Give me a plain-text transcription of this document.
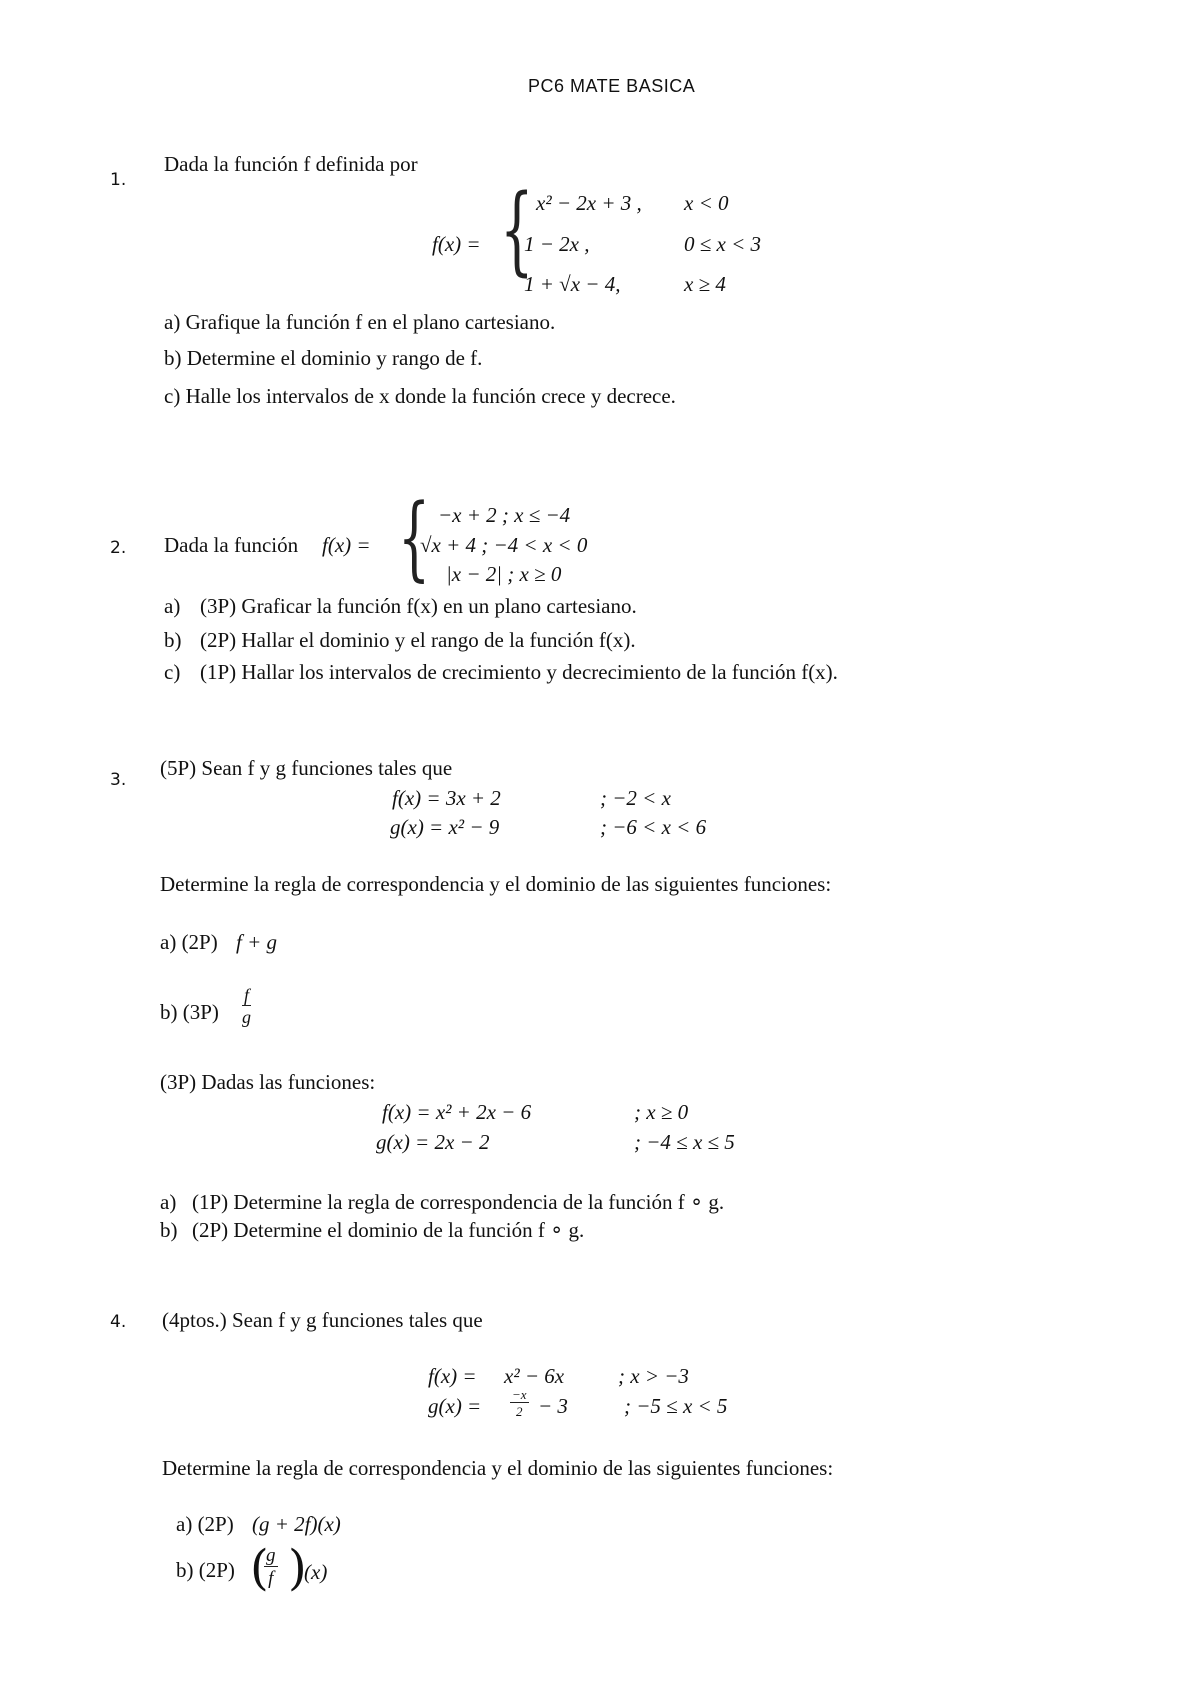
PC6 MATE BASICA
1.
Dada la función f definida por
f(x) = { x² − 2x + 3 , x < 0
1 − 2x ,	0 ≤ x < 3
1 + √x − 4,	x ≥ 4
a) Grafique la función f en el plano cartesiano.
b) Determine el dominio y rango de f.
c) Halle los intervalos de x donde la función crece y decrece.
2. Dada la función f(x) = { −x + 2 ; x ≤ −4
√x + 4 ; −4 < x < 0
|x − 2| ; x ≥ 0
a) (3P) Graficar la función f(x) en un plano cartesiano.
b) (2P) Hallar el dominio y el rango de la función f(x).
c) (1P) Hallar los intervalos de crecimiento y decrecimiento de la función f(x).
3. (5P) Sean f y g funciones tales que
f(x) = 3x + 2	; −2 < x
g(x) = x² − 9	; −6 < x < 6
Determine la regla de correspondencia y el dominio de las siguientes funciones:
a) (2P) f + g
b) $(3P) \frac{f}{g}$
(3P) Dadas las funciones:
f(x) = x² + 2x − 6	; x ≥ 0
g(x) = 2x − 2	; −4 ≤ x ≤ 5
a) (1P) Determine la regla de correspondencia de la función f ∘ g.
b) (2P) Determine el dominio de la función f ∘ g.
4. (4ptos.) Sean f y g funciones tales que
f(x) = x² − 6x	; x > −3
$g(x) = \frac{-x}{2} - 3$	; −5 ≤ x < 5
Determine la regla de correspondencia y el dominio de las siguientes funciones:
a) (2P) (g + 2f)(x)
b) (2P) (
$\frac{g}{f}$ )
(x)
